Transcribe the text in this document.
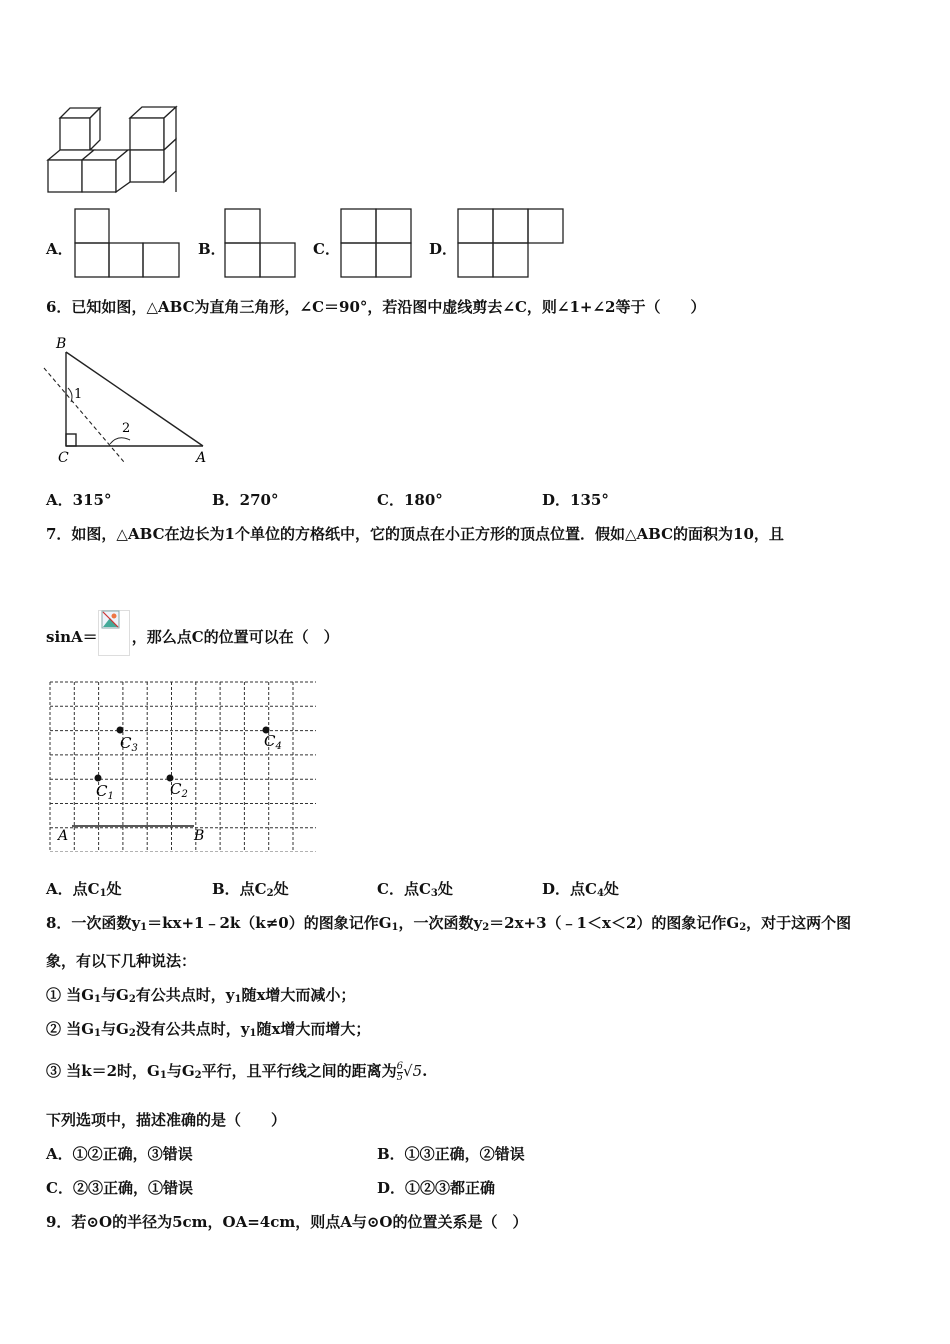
A．	B．	C．	D．
6．已知如图，△ABC为直角三角形，∠C＝90°，若沿图中虚线剪去∠C，则∠1+∠2等于（　　）
B
C	A
1
2
A．315°	B．270°	C．180°	D．135°
7．如图，△ABC在边长为1个单位的方格纸中，它的顶点在小正方形的顶点位置．假如△ABC的面积为10，且
sinA＝ ，那么点C的位置可以在（　）
A	B
$C_3$	$C_4$
$C_1$	$C_2$
A．点$C_1$处	B．点$C_2$处	C．点$C_3$处	D．点$C_4$处
8．一次函数$y_1=kx+1﹣2k(k\ne 0)$的图象记作$G_1$，一次函数$y_2=2x+3(﹣1<x<2)$的图象记作$G_2$，对于这两个图
象，有以下几种说法：
① 当$G_1$与$G_2$有公共点时，$y_1$随x增大而减小；
② 当$G_1$与$G_2$没有公共点时，$y_1$随x增大而增大；
③ 当k＝2时，$G_1$与$G_2$平行，且平行线之间的距离为 $\frac{6}{5} √5$.
下列选项中，描述准确的是（　　）
A．①②正确，③错误	B．①③正确，②错误
C．②③正确，①错误	D．①②③都正确
9．若⊙O的半径为5cm，OA=4cm，则点A与⊙O的位置关系是（　）
